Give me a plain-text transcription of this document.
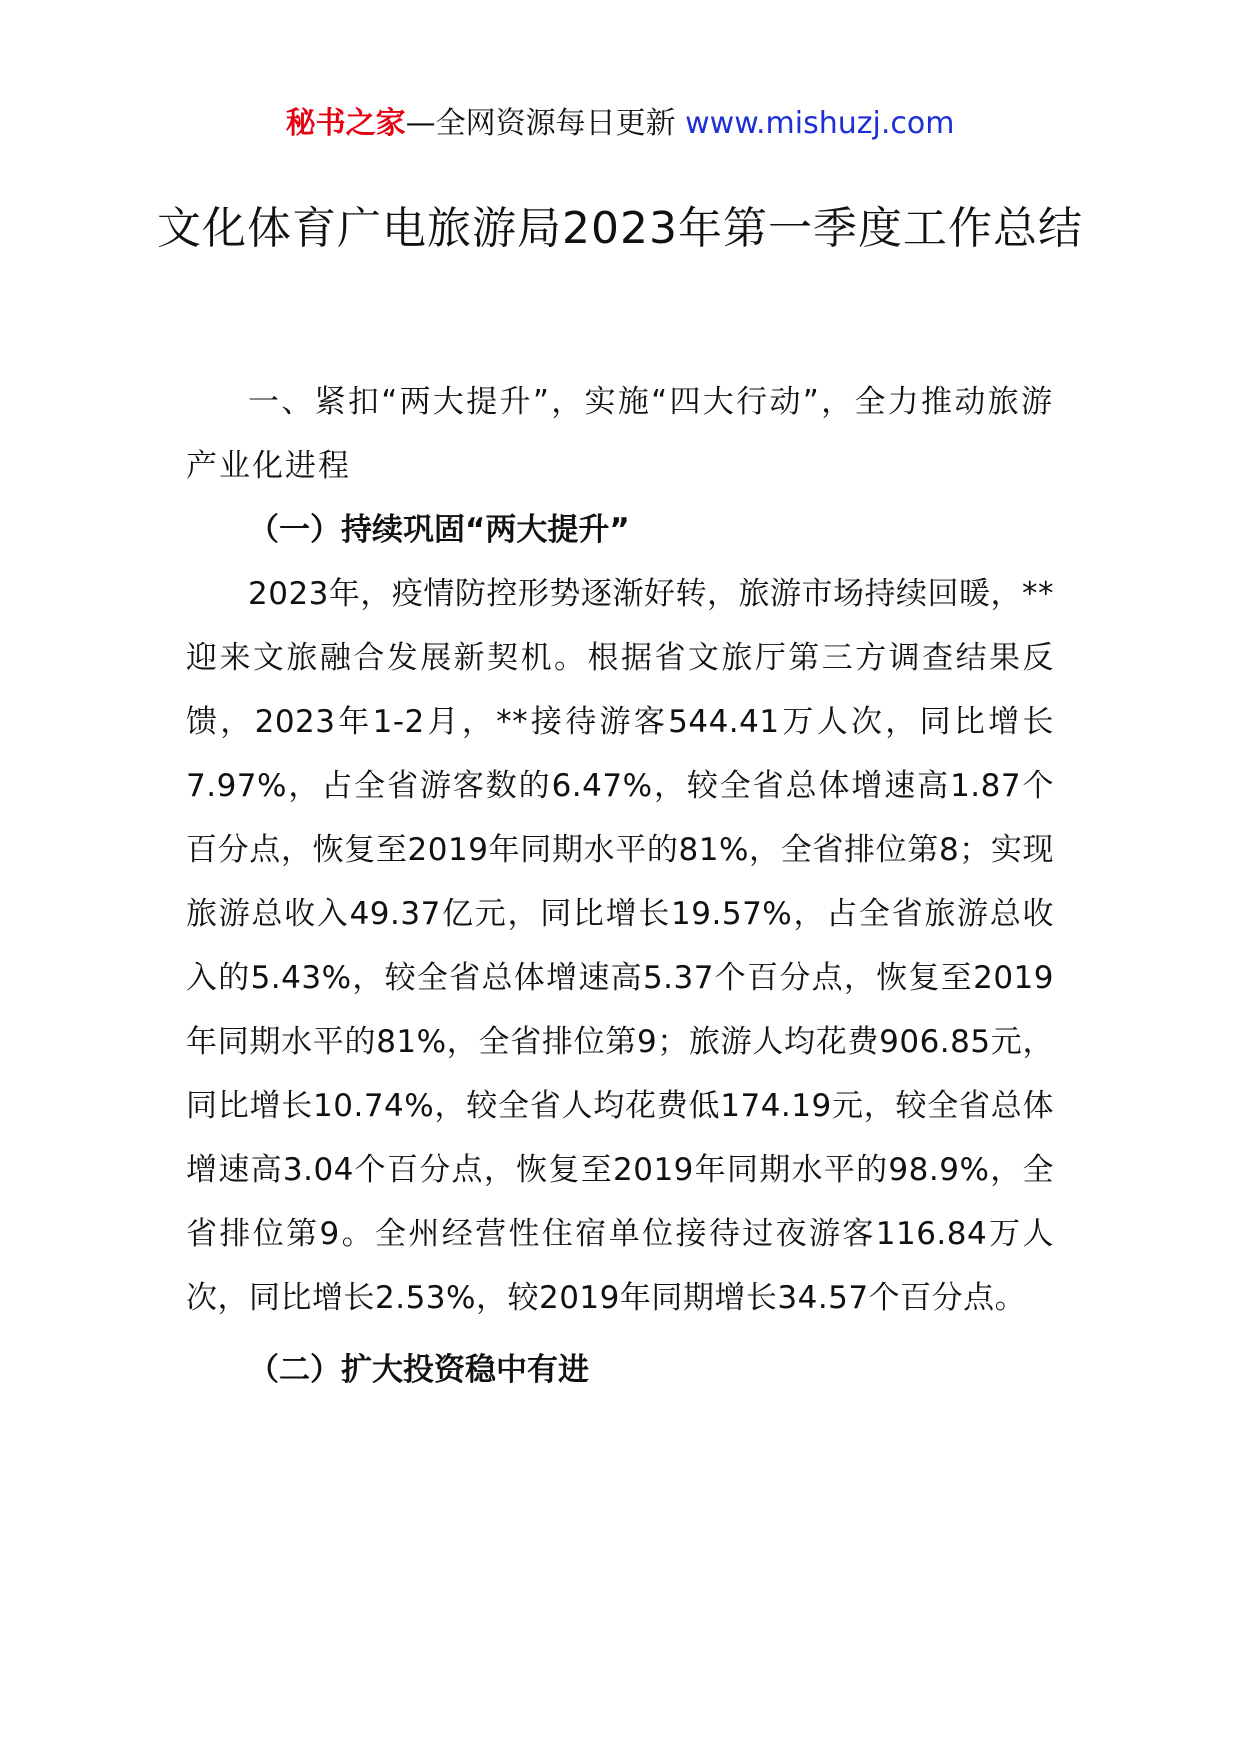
秘书之家—全网资源每日更新 www.mishuzj.com
文化体育广电旅游局2023年第一季度工作总结

一、紧扣“两大提升”，实施“四大行动”，全力推动旅游产业化进程

（一）持续巩固“两大提升”

2023年，疫情防控形势逐渐好转，旅游市场持续回暖，**迎来文旅融合发展新契机。根据省文旅厅第三方调查结果反馈，2023年1-2月，**接待游客544.41万人次，同比增长7.97%，占全省游客数的6.47%，较全省总体增速高1.87个百分点，恢复至2019年同期水平的81%，全省排位第8；实现旅游总收入49.37亿元，同比增长19.57%，占全省旅游总收入的5.43%，较全省总体增速高5.37个百分点，恢复至2019年同期水平的81%，全省排位第9；旅游人均花费906.85元，同比增长10.74%，较全省人均花费低174.19元，较全省总体增速高3.04个百分点，恢复至2019年同期水平的98.9%，全省排位第9。全州经营性住宿单位接待过夜游客116.84万人次，同比增长2.53%，较2019年同期增长34.57个百分点。

（二）扩大投资稳中有进
